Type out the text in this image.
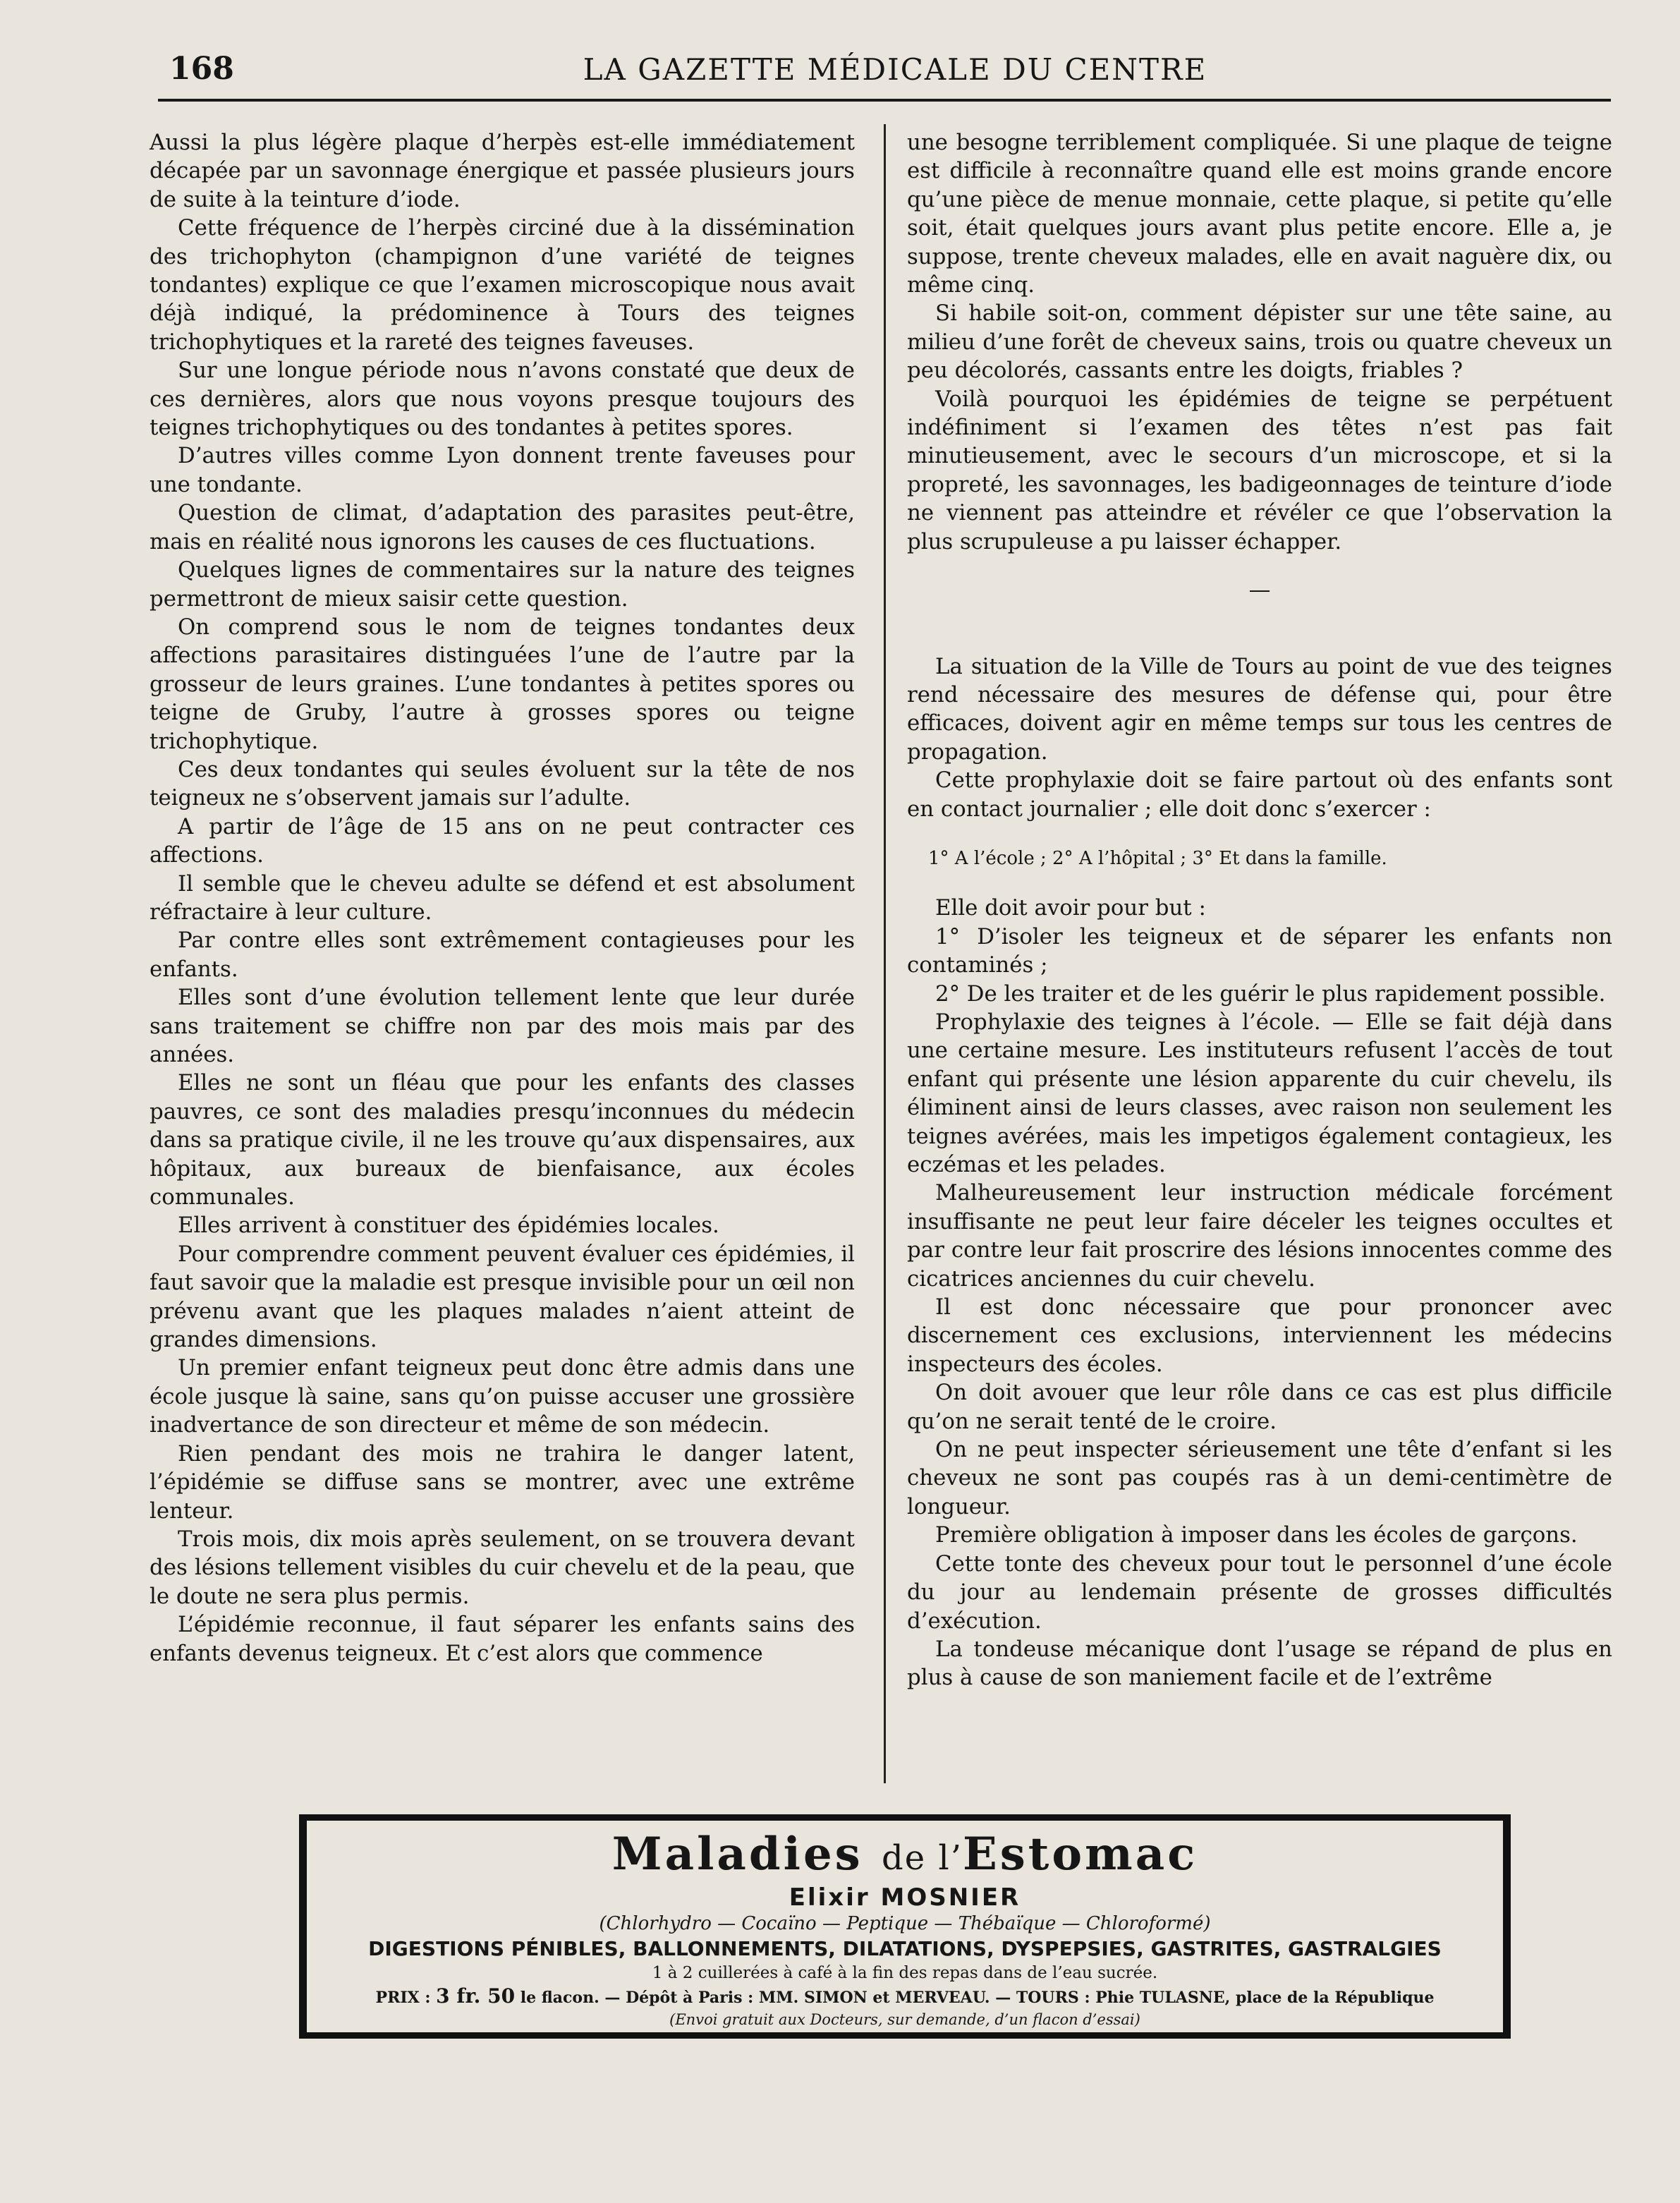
168	LA GAZETTE MÉDICALE DU CENTRE

Aussi la plus légère plaque d’herpès est-elle immédiatement décapée par un savonnage énergique et passée plusieurs jours de suite à la teinture d’iode.

Cette fréquence de l’herpès circiné due à la dissémination des trichophyton (champignon d’une variété de teignes tondantes) explique ce que l’examen microscopique nous avait déjà indiqué, la prédominence à Tours des teignes trichophytiques et la rareté des teignes faveuses.

Sur une longue période nous n’avons constaté que deux de ces dernières, alors que nous voyons presque toujours des teignes trichophytiques ou des tondantes à petites spores.

D’autres villes comme Lyon donnent trente faveuses pour une tondante.

Question de climat, d’adaptation des parasites peut-être, mais en réalité nous ignorons les causes de ces fluctuations.

Quelques lignes de commentaires sur la nature des teignes permettront de mieux saisir cette question.

On comprend sous le nom de teignes tondantes deux affections parasitaires distinguées l’une de l’autre par la grosseur de leurs graines. L’une tondantes à petites spores ou teigne de Gruby, l’autre à grosses spores ou teigne trichophytique.

Ces deux tondantes qui seules évoluent sur la tête de nos teigneux ne s’observent jamais sur l’adulte.

A partir de l’âge de 15 ans on ne peut contracter ces affections.

Il semble que le cheveu adulte se défend et est absolument réfractaire à leur culture.

Par contre elles sont extrêmement contagieuses pour les enfants.

Elles sont d’une évolution tellement lente que leur durée sans traitement se chiffre non par des mois mais par des années.

Elles ne sont un fléau que pour les enfants des classes pauvres, ce sont des maladies presqu’inconnues du médecin dans sa pratique civile, il ne les trouve qu’aux dispensaires, aux hôpitaux, aux bureaux de bienfaisance, aux écoles communales.

Elles arrivent à constituer des épidémies locales.

Pour comprendre comment peuvent évaluer ces épidémies, il faut savoir que la maladie est presque invisible pour un œil non prévenu avant que les plaques malades n’aient atteint de grandes dimensions.

Un premier enfant teigneux peut donc être admis dans une école jusque là saine, sans qu’on puisse accuser une grossière inadvertance de son directeur et même de son médecin.

Rien pendant des mois ne trahira le danger latent, l’épidémie se diffuse sans se montrer, avec une extrême lenteur.

Trois mois, dix mois après seulement, on se trouvera devant des lésions tellement visibles du cuir chevelu et de la peau, que le doute ne sera plus permis.

L’épidémie reconnue, il faut séparer les enfants sains des enfants devenus teigneux. Et c’est alors que commence

une besogne terriblement compliquée. Si une plaque de teigne est difficile à reconnaître quand elle est moins grande encore qu’une pièce de menue monnaie, cette plaque, si petite qu’elle soit, était quelques jours avant plus petite encore. Elle a, je suppose, trente cheveux malades, elle en avait naguère dix, ou même cinq.

Si habile soit-on, comment dépister sur une tête saine, au milieu d’une forêt de cheveux sains, trois ou quatre cheveux un peu décolorés, cassants entre les doigts, friables ?

Voilà pourquoi les épidémies de teigne se perpétuent indéfiniment si l’examen des têtes n’est pas fait minutieusement, avec le secours d’un microscope, et si la propreté, les savonnages, les badigeonnages de teinture d’iode ne viennent pas atteindre et révéler ce que l’observation la plus scrupuleuse a pu laisser échapper.

—

La situation de la Ville de Tours au point de vue des teignes rend nécessaire des mesures de défense qui, pour être efficaces, doivent agir en même temps sur tous les centres de propagation.

Cette prophylaxie doit se faire partout où des enfants sont en contact journalier ; elle doit donc s’exercer :

1° A l’école ; 2° A l’hôpital ; 3° Et dans la famille.

Elle doit avoir pour but :

1° D’isoler les teigneux et de séparer les enfants non contaminés ;

2° De les traiter et de les guérir le plus rapidement possible.

Prophylaxie des teignes à l’école. — Elle se fait déjà dans une certaine mesure. Les instituteurs refusent l’accès de tout enfant qui présente une lésion apparente du cuir chevelu, ils éliminent ainsi de leurs classes, avec raison non seulement les teignes avérées, mais les impetigos également contagieux, les eczémas et les pelades.

Malheureusement leur instruction médicale forcément insuffisante ne peut leur faire déceler les teignes occultes et par contre leur fait proscrire des lésions innocentes comme des cicatrices anciennes du cuir chevelu.

Il est donc nécessaire que pour prononcer avec discernement ces exclusions, interviennent les médecins inspecteurs des écoles.

On doit avouer que leur rôle dans ce cas est plus difficile qu’on ne serait tenté de le croire.

On ne peut inspecter sérieusement une tête d’enfant si les cheveux ne sont pas coupés ras à un demi-centimètre de longueur.

Première obligation à imposer dans les écoles de garçons.

Cette tonte des cheveux pour tout le personnel d’une école du jour au lendemain présente de grosses difficultés d’exécution.

La tondeuse mécanique dont l’usage se répand de plus en plus à cause de son maniement facile et de l’extrême

Maladies de l’Estomac
Elixir MOSNIER
(Chlorhydro — Cocaïno — Peptique — Thébaïque — Chloroformé)
DIGESTIONS PÉNIBLES, BALLONNEMENTS, DILATATIONS, DYSPEPSIES, GASTRITES, GASTRALGIES
1 à 2 cuillerées à café à la fin des repas dans de l’eau sucrée.
PRIX : 3 fr. 50 le flacon. — Dépôt à Paris : MM. SIMON et MERVEAU. — TOURS : Phie TULASNE, place de la République
(Envoi gratuit aux Docteurs, sur demande, d’un flacon d’essai)
